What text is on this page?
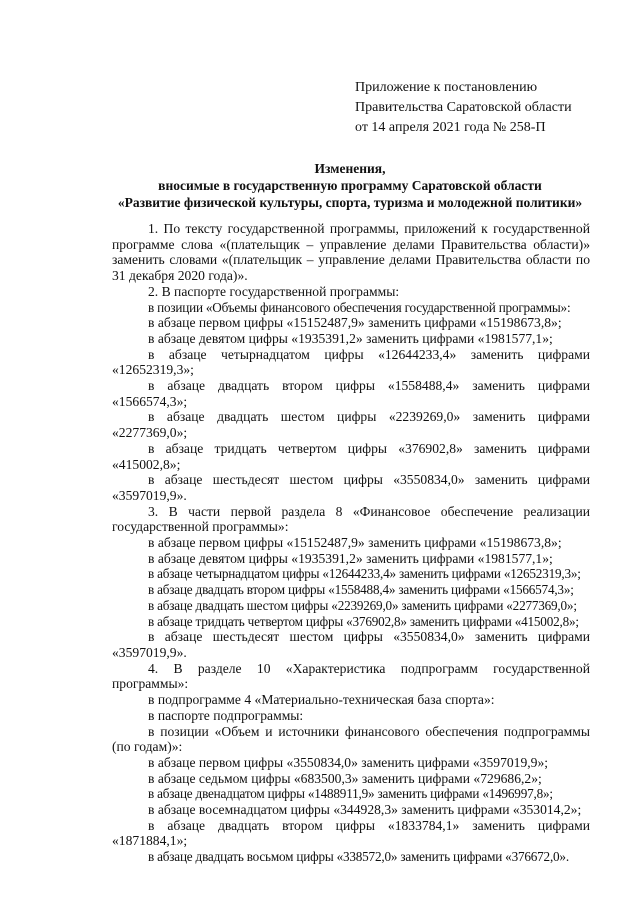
Приложение к постановлению
Правительства Саратовской области
от 14 апреля 2021 года № 258-П
Изменения,
вносимые в государственную программу Саратовской области
«Развитие физической культуры, спорта, туризма и молодежной политики»

1. По тексту государственной программы, приложений к государственной программе слова «(плательщик – управление делами Правительства области)» заменить словами «(плательщик – управление делами Правительства области по 31 декабря 2020 года)».

2. В паспорте государственной программы:

в позиции «Объемы финансового обеспечения государственной программы»:

в абзаце первом цифры «15152487,9» заменить цифрами «15198673,8»;

в абзаце девятом цифры «1935391,2» заменить цифрами «1981577,1»;

в абзаце четырнадцатом цифры «12644233,4» заменить цифрами «12652319,3»;

в абзаце двадцать втором цифры «1558488,4» заменить цифрами «1566574,3»;

в абзаце двадцать шестом цифры «2239269,0» заменить цифрами «2277369,0»;

в абзаце тридцать четвертом цифры «376902,8» заменить цифрами «415002,8»;

в абзаце шестьдесят шестом цифры «3550834,0» заменить цифрами «3597019,9».

3. В части первой раздела 8 «Финансовое обеспечение реализации государственной программы»:

в абзаце первом цифры «15152487,9» заменить цифрами «15198673,8»;

в абзаце девятом цифры «1935391,2» заменить цифрами «1981577,1»;

в абзаце четырнадцатом цифры «12644233,4» заменить цифрами «12652319,3»;

в абзаце двадцать втором цифры «1558488,4» заменить цифрами «1566574,3»;

в абзаце двадцать шестом цифры «2239269,0» заменить цифрами «2277369,0»;

в абзаце тридцать четвертом цифры «376902,8» заменить цифрами «415002,8»;

в абзаце шестьдесят шестом цифры «3550834,0» заменить цифрами «3597019,9».

4. В разделе 10 «Характеристика подпрограмм государственной программы»:

в подпрограмме 4 «Материально-техническая база спорта»:

в паспорте подпрограммы:

в позиции «Объем и источники финансового обеспечения подпрограммы (по годам)»:

в абзаце первом цифры «3550834,0» заменить цифрами «3597019,9»;

в абзаце седьмом цифры «683500,3» заменить цифрами «729686,2»;

в абзаце двенадцатом цифры «1488911,9» заменить цифрами «1496997,8»;

в абзаце восемнадцатом цифры «344928,3» заменить цифрами «353014,2»;

в абзаце двадцать втором цифры «1833784,1» заменить цифрами «1871884,1»;

в абзаце двадцать восьмом цифры «338572,0» заменить цифрами «376672,0».
